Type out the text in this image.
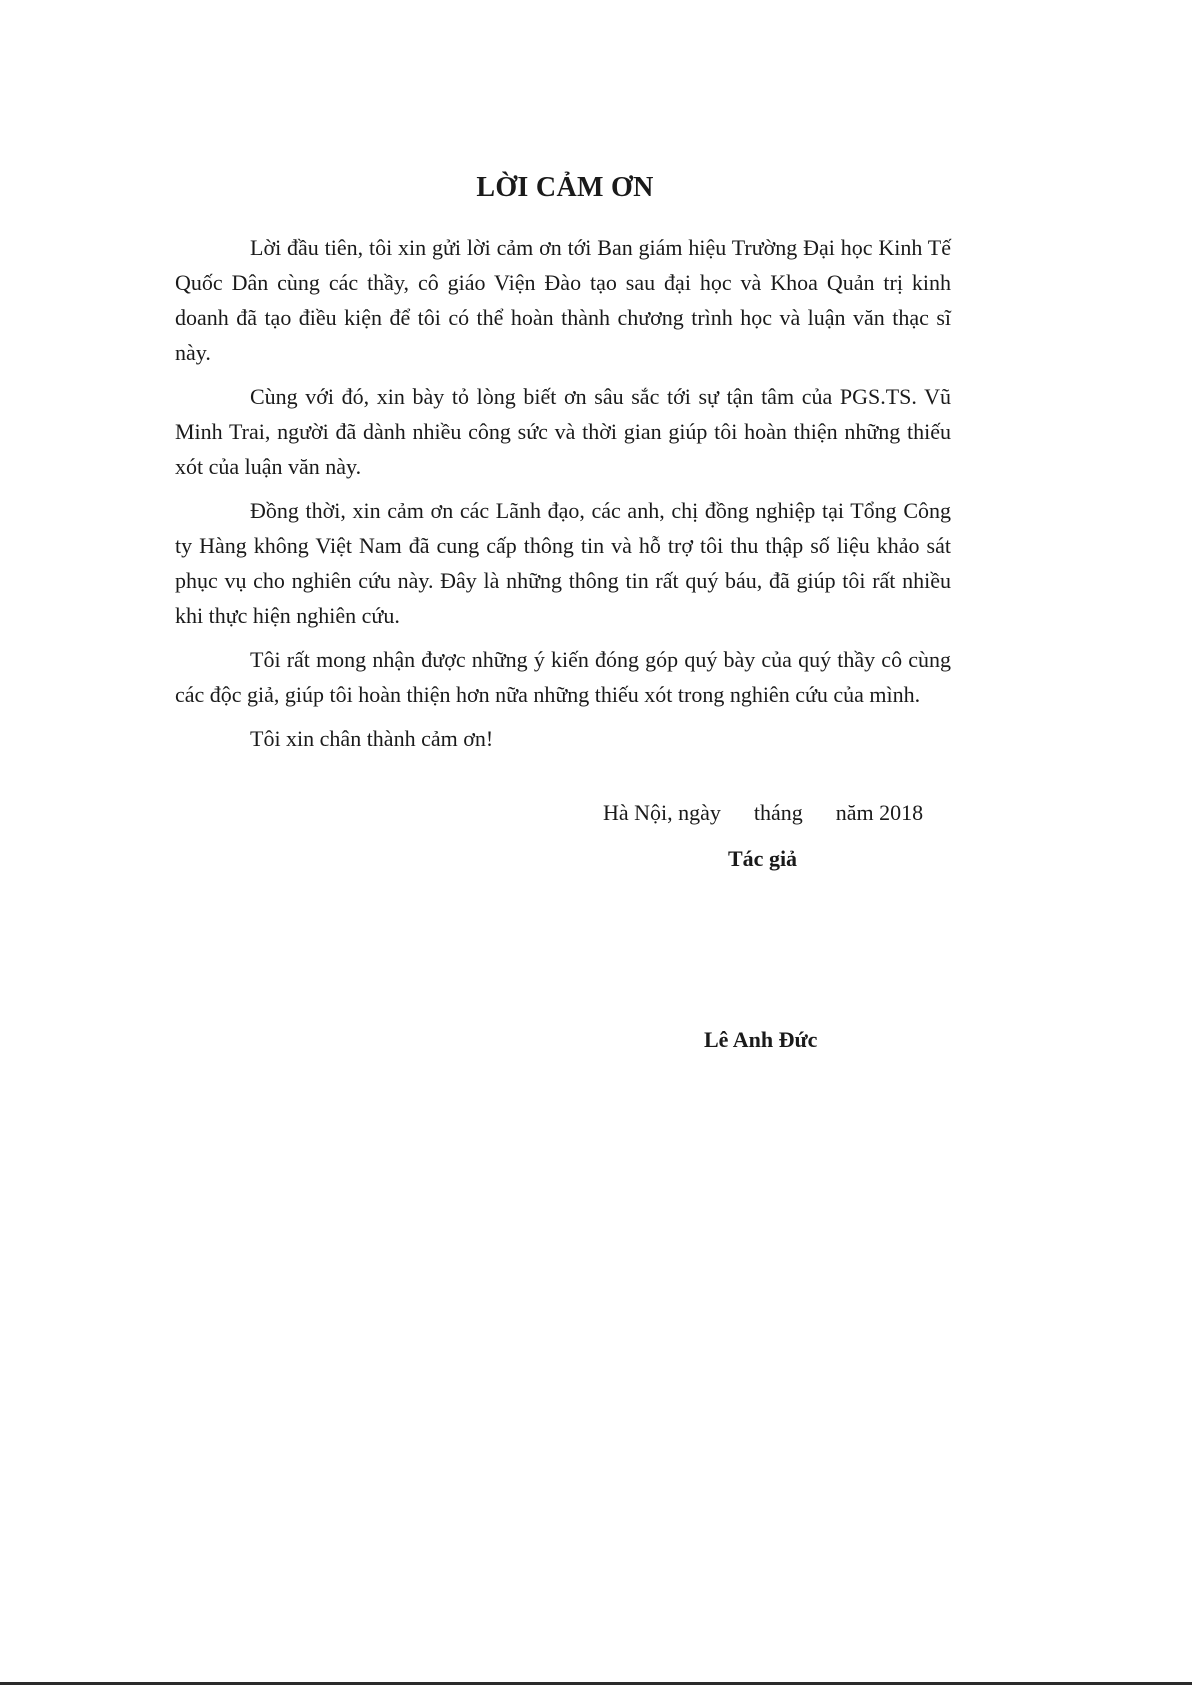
LỜI CẢM ƠN

Lời đầu tiên, tôi xin gửi lời cảm ơn tới Ban giám hiệu Trường Đại học Kinh Tế Quốc Dân cùng các thầy, cô giáo Viện Đào tạo sau đại học và Khoa Quản trị kinh doanh đã tạo điều kiện để tôi có thể hoàn thành chương trình học và luận văn thạc sĩ này.

Cùng với đó, xin bày tỏ lòng biết ơn sâu sắc tới sự tận tâm của PGS.TS. Vũ Minh Trai, người đã dành nhiều công sức và thời gian giúp tôi hoàn thiện những thiếu xót của luận văn này.

Đồng thời, xin cảm ơn các Lãnh đạo, các anh, chị đồng nghiệp tại Tổng Công ty Hàng không Việt Nam đã cung cấp thông tin và hỗ trợ tôi thu thập số liệu khảo sát phục vụ cho nghiên cứu này. Đây là những thông tin rất quý báu, đã giúp tôi rất nhiều khi thực hiện nghiên cứu.

Tôi rất mong nhận được những ý kiến đóng góp quý bày của quý thầy cô cùng các độc giả, giúp tôi hoàn thiện hơn nữa những thiếu xót trong nghiên cứu của mình.

Tôi xin chân thành cảm ơn!

Hà Nội, ngày      tháng      năm 2018
Tác giả
Lê Anh Đức
